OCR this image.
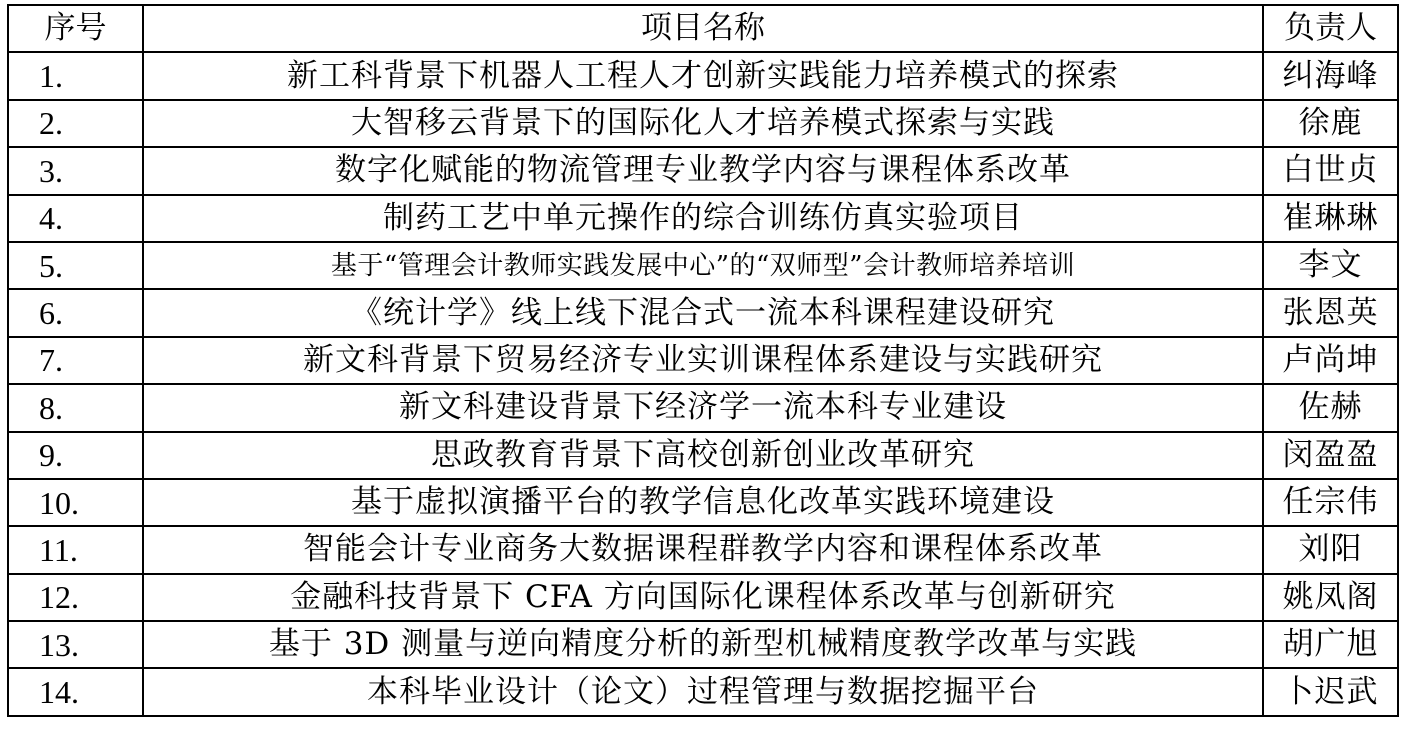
序号	项目名称	负责人
1.	新工科背景下机器人工程人才创新实践能力培养模式的探索	纠海峰
2.	大智移云背景下的国际化人才培养模式探索与实践	徐鹿
3.	数字化赋能的物流管理专业教学内容与课程体系改革	白世贞
4.	制药工艺中单元操作的综合训练仿真实验项目	崔琳琳
5.	基于“管理会计教师实践发展中心”的“双师型”会计教师培养培训	李文
6.	《统计学》线上线下混合式一流本科课程建设研究	张恩英
7.	新文科背景下贸易经济专业实训课程体系建设与实践研究	卢尚坤
8.	新文科建设背景下经济学一流本科专业建设	佐赫
9.	思政教育背景下高校创新创业改革研究	闵盈盈
10.	基于虚拟演播平台的教学信息化改革实践环境建设	任宗伟
11.	智能会计专业商务大数据课程群教学内容和课程体系改革	刘阳
12.	金融科技背景下 CFA 方向国际化课程体系改革与创新研究	姚凤阁
13.	基于 3D 测量与逆向精度分析的新型机械精度教学改革与实践	胡广旭
14.	本科毕业设计（论文）过程管理与数据挖掘平台	卜迟武
